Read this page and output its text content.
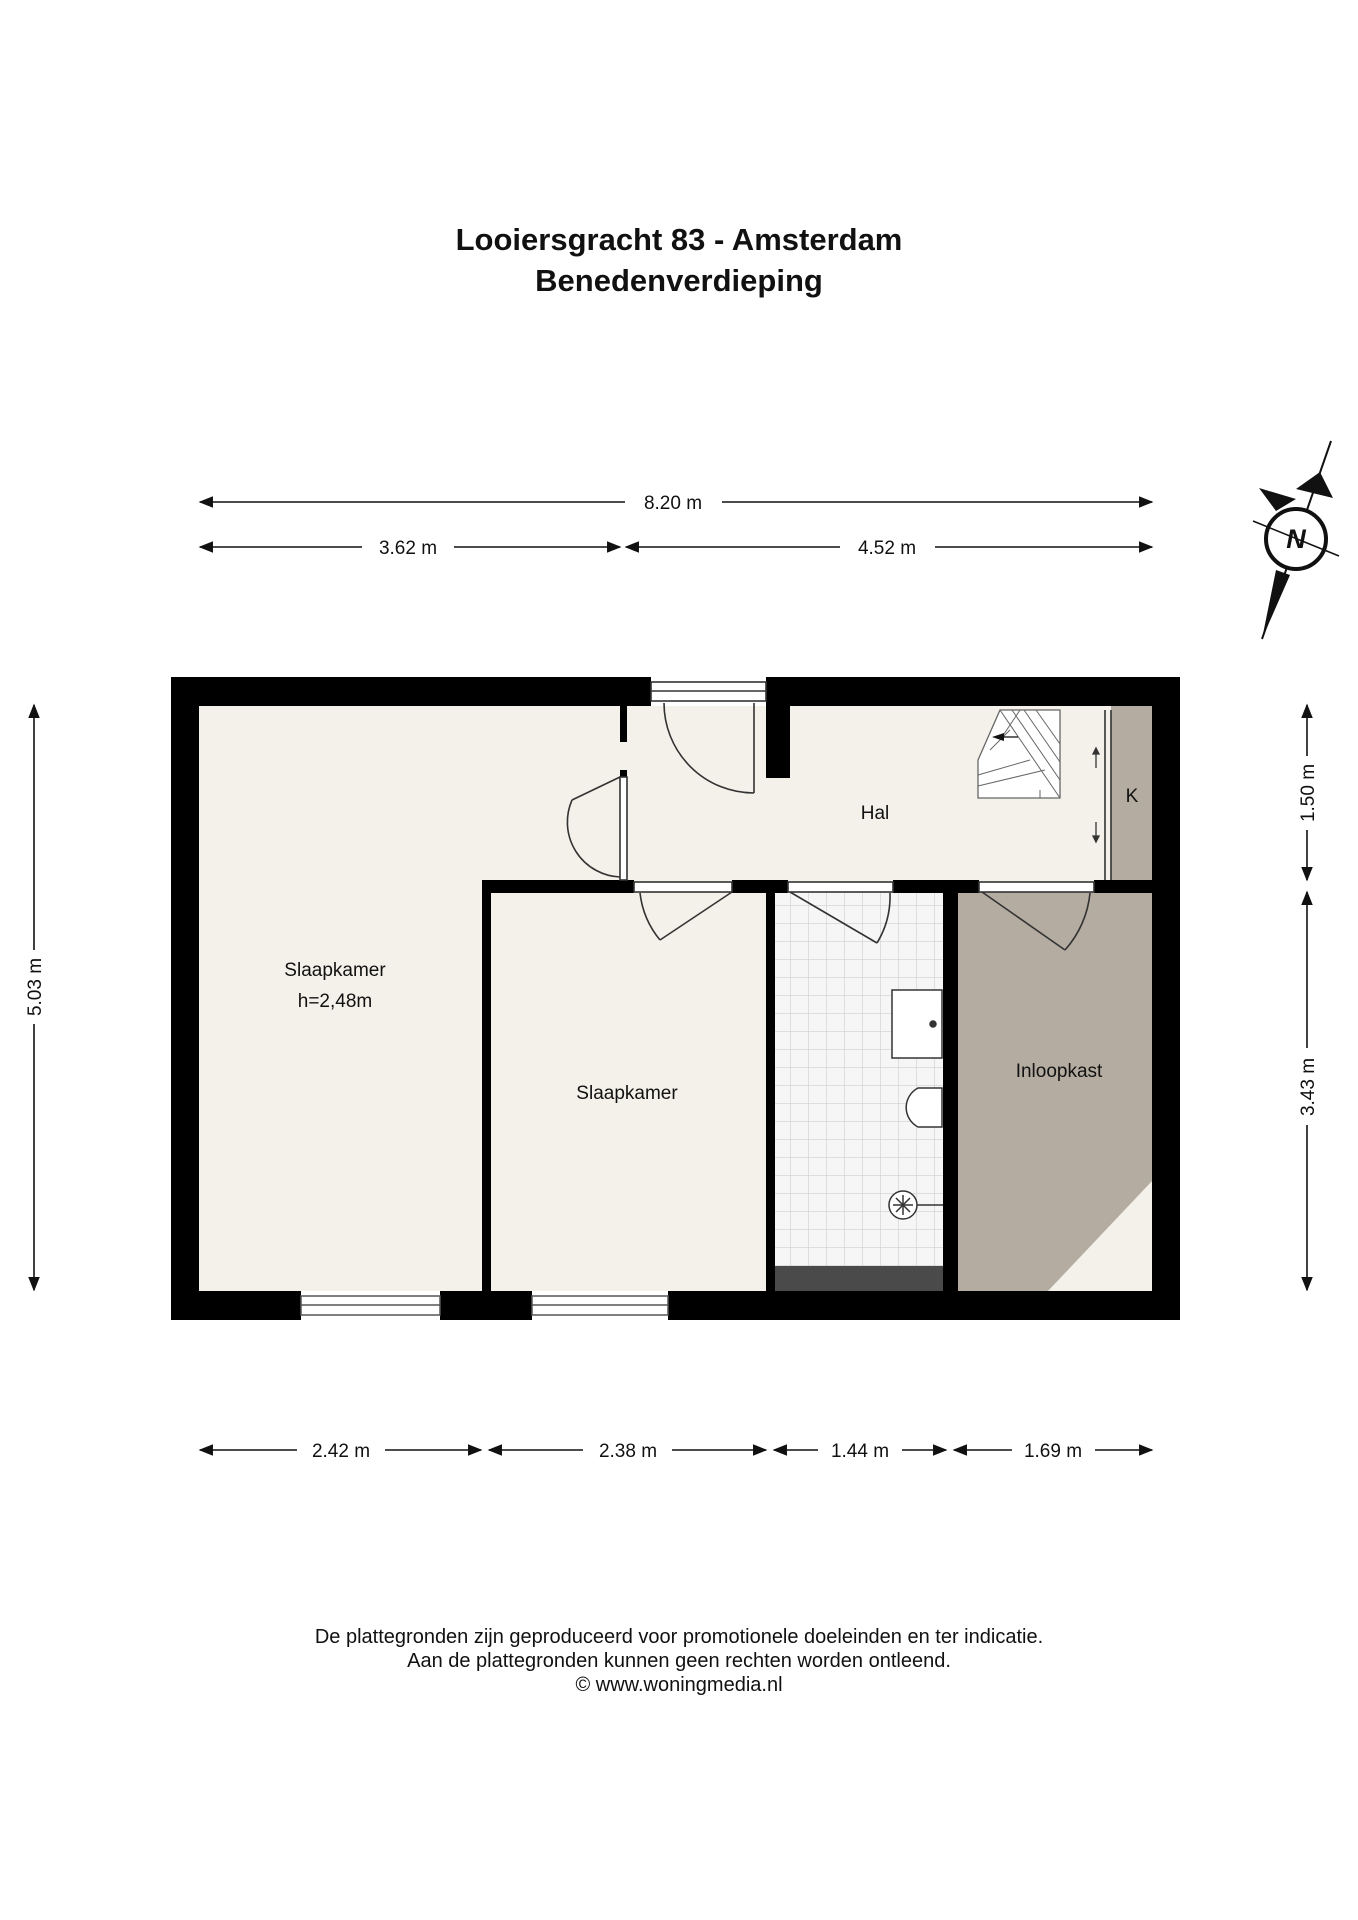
Looiersgracht 83 - Amsterdam
Benedenverdieping
8.20 m
3.62 m	4.52 m
5.03 m
1.50 m
3.43 m
2.42 m	2.38 m	1.44 m	1.69 m
N
Slaapkamer
h=2,48m
Slaapkamer
Hal
K
Inloopkast
De plattegronden zijn geproduceerd voor promotionele doeleinden en ter indicatie.
Aan de plattegronden kunnen geen rechten worden ontleend.
© www.woningmedia.nl
